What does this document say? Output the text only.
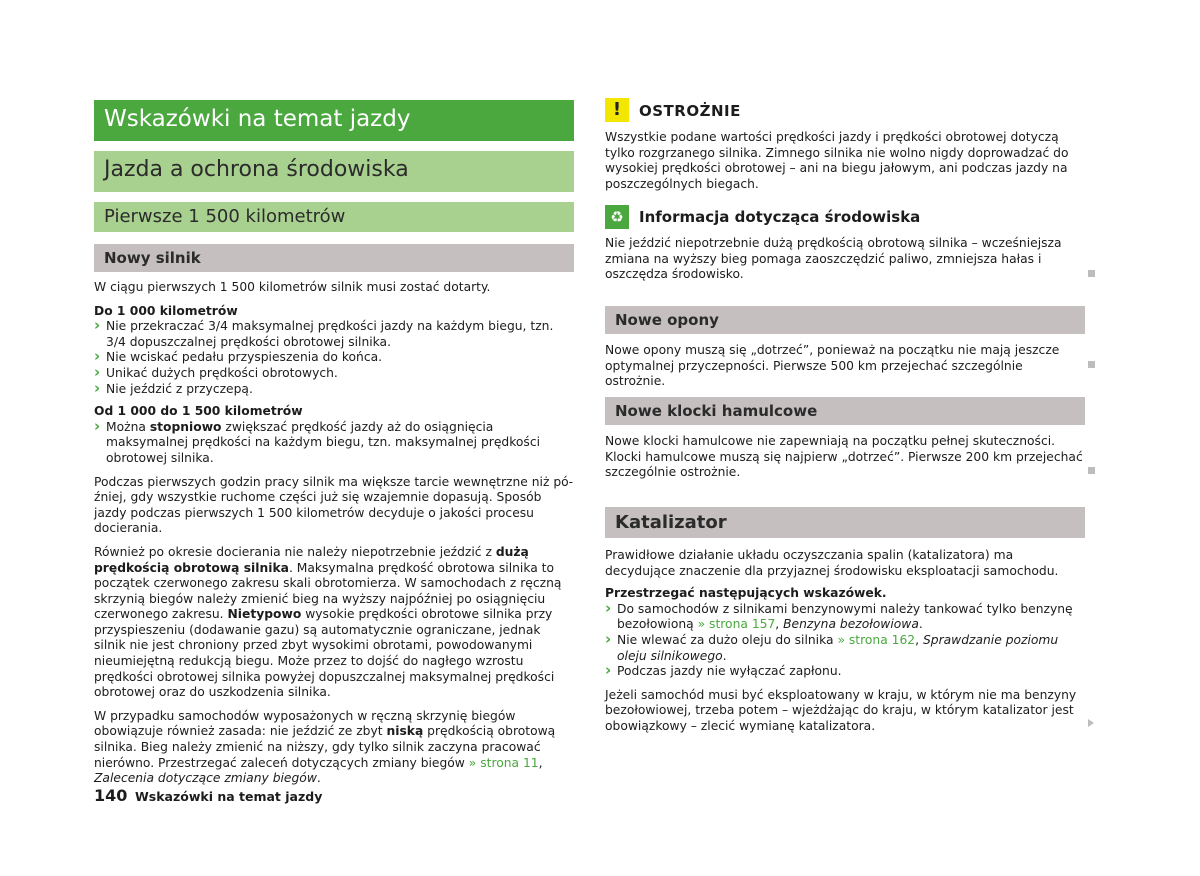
Wskazówki na temat jazdy
Jazda a ochrona środowiska
Pierwsze 1 500 kilometrów
Nowy silnik

W ciągu pierwszych 1 500 kilometrów silnik musi zostać dotarty.

Do 1 000 kilometrów

› Nie przekraczać 3/4 maksymalnej prędkości jazdy na każdym biegu, tzn. 3/4 dopuszczalnej prędkości obrotowej silnika.

› Nie wciskać pedału przyspieszenia do końca.

› Unikać dużych prędkości obrotowych.

› Nie jeździć z przyczepą.

Od 1 000 do 1 500 kilometrów

› Można stopniowo zwiększać prędkość jazdy aż do osiągnięcia maksymalnej prędkości na każdym biegu, tzn. maksymalnej prędkości obrotowej silnika.

Podczas pierwszych godzin pracy silnik ma większe tarcie wewnętrzne niż później, gdy wszystkie ruchome części już się wzajemnie dopasują. Sposób jazdy podczas pierwszych 1 500 kilometrów decyduje o jakości procesu docierania.

Również po okresie docierania nie należy niepotrzebnie jeździć z dużą prędkością obrotową silnika. Maksymalna prędkość obrotowa silnika to początek czerwonego zakresu skali obrotomierza. W samochodach z ręczną skrzynią biegów należy zmienić bieg na wyższy najpóźniej po osiągnięciu czerwonego zakresu. Nietypowo wysokie prędkości obrotowe silnika przy przyspieszeniu (dodawanie gazu) są automatycznie ograniczane, jednak silnik nie jest chroniony przed zbyt wysokimi obrotami, powodowanymi nieumiejętną redukcją biegu. Może przez to dojść do nagłego wzrostu prędkości obrotowej silnika powyżej dopuszczalnej maksymalnej prędkości obrotowej oraz do uszkodzenia silnika.

W przypadku samochodów wyposażonych w ręczną skrzynię biegów obowiązuje również zasada: nie jeździć ze zbyt niską prędkością obrotową silnika. Bieg należy zmienić na niższy, gdy tylko silnik zaczyna pracować nierówno. Przestrzegać zaleceń dotyczących zmiany biegów » strona 11, Zalecenia dotyczące zmiany biegów.

!	OSTROŻNIE
Wszystkie podane wartości prędkości jazdy i prędkości obrotowej dotyczą tylko rozgrzanego silnika. Zimnego silnika nie wolno nigdy doprowadzać do wysokiej prędkości obrotowej – ani na biegu jałowym, ani podczas jazdy na poszczególnych biegach.
♻	Informacja dotycząca środowiska
Nie jeździć niepotrzebnie dużą prędkością obrotową silnika – wcześniejsza zmiana na wyższy bieg pomaga zaoszczędzić paliwo, zmniejsza hałas i oszczędza środowisko.
Nowe opony
Nowe opony muszą się „dotrzeć”, ponieważ na początku nie mają jeszcze optymalnej przyczepności. Pierwsze 500 km przejechać szczególnie ostrożnie.
Nowe klocki hamulcowe
Nowe klocki hamulcowe nie zapewniają na początku pełnej skuteczności. Klocki hamulcowe muszą się najpierw „dotrzeć”. Pierwsze 200 km przejechać szczególnie ostrożnie.
Katalizator

Prawidłowe działanie układu oczyszczania spalin (katalizatora) ma decydujące znaczenie dla przyjaznej środowisku eksploatacji samochodu.

Przestrzegać następujących wskazówek.

› Do samochodów z silnikami benzynowymi należy tankować tylko benzynę bezołowioną » strona 157, Benzyna bezołowiowa.

› Nie wlewać za dużo oleju do silnika » strona 162, Sprawdzanie poziomu oleju silnikowego.

› Podczas jazdy nie wyłączać zapłonu.

Jeżeli samochód musi być eksploatowany w kraju, w którym nie ma benzyny bezołowiowej, trzeba potem – wjeżdżając do kraju, w którym katalizator jest obowiązkowy – zlecić wymianę katalizatora.

140 Wskazówki na temat jazdy
